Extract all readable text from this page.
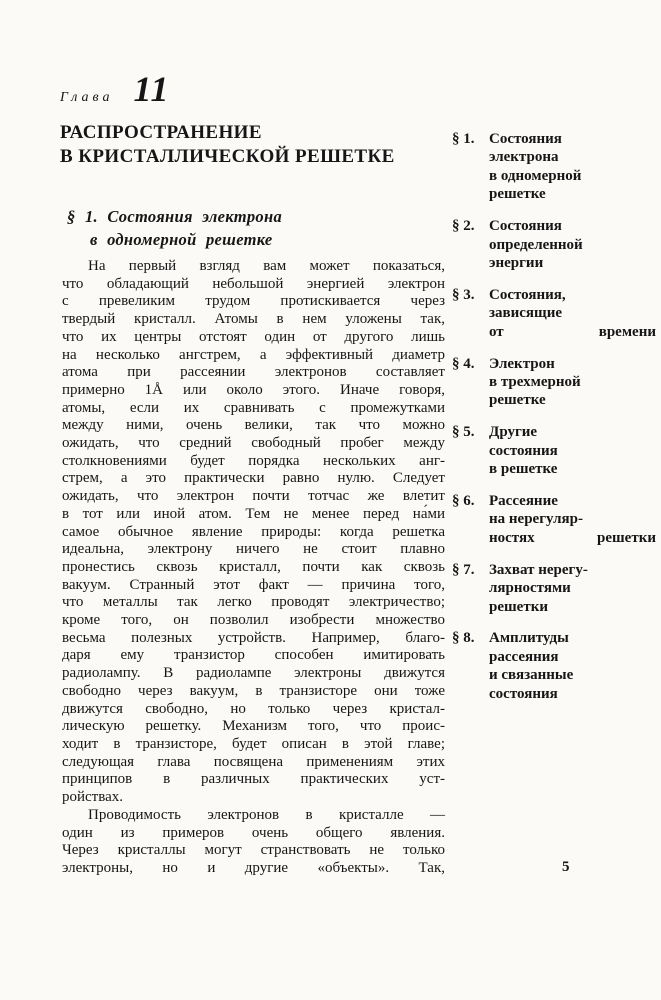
Глава 11
РАСПРОСТРАНЕНИЕ
В КРИСТАЛЛИЧЕСКОЙ РЕШЕТКЕ
§ 1. Состояния электрона
в одномерной решетке
На первый взгляд вам может показаться,
что обладающий небольшой энергией электрон
с превеликим трудом протискивается через
твердый кристалл. Атомы в нем уложены так,
что их центры отстоят один от другого лишь
на несколько ангстрем, а эффективный диаметр
атома при рассеянии электронов составляет
примерно 1Å или около этого. Иначе говоря,
атомы, если их сравнивать с промежутками
между ними, очень велики, так что можно
ожидать, что средний свободный пробег между
столкновениями будет порядка нескольких анг-
стрем, а это практически равно нулю. Следует
ожидать, что электрон почти тотчас же влетит
в тот или иной атом. Тем не менее перед на́ми
самое обычное явление природы: когда решетка
идеальна, электрону ничего не стоит плавно
пронестись сквозь кристалл, почти как сквозь
вакуум. Странный этот факт — причина того,
что металлы так легко проводят электричество;
кроме того, он позволил изобрести множество
весьма полезных устройств. Например, благо-
даря ему транзистор способен имитировать
радиолампу. В радиолампе электроны движутся
свободно через вакуум, в транзисторе они тоже
движутся свободно, но только через кристал-
лическую решетку. Механизм того, что проис-
ходит в транзисторе, будет описан в этой главе;
следующая глава посвящена применениям этих
принципов в различных практических уст-
ройствах.
Проводимость электронов в кристалле —
один из примеров очень общего явления.
Через кристаллы могут странствовать не только
электроны, но и другие «объекты». Так,
§ 1. Состояния
электрона
в одномерной
решетке
§ 2. Состояния
определенной
энергии
§ 3. Состояния,
зависящие
от времени
§ 4. Электрон
в трехмерной
решетке
§ 5. Другие
состояния
в решетке
§ 6. Рассеяние
на нерегуляр-
ностях решетки
§ 7. Захват нерегу-
лярностями
решетки
§ 8. Амплитуды
рассеяния
и связанные
состояния
5
